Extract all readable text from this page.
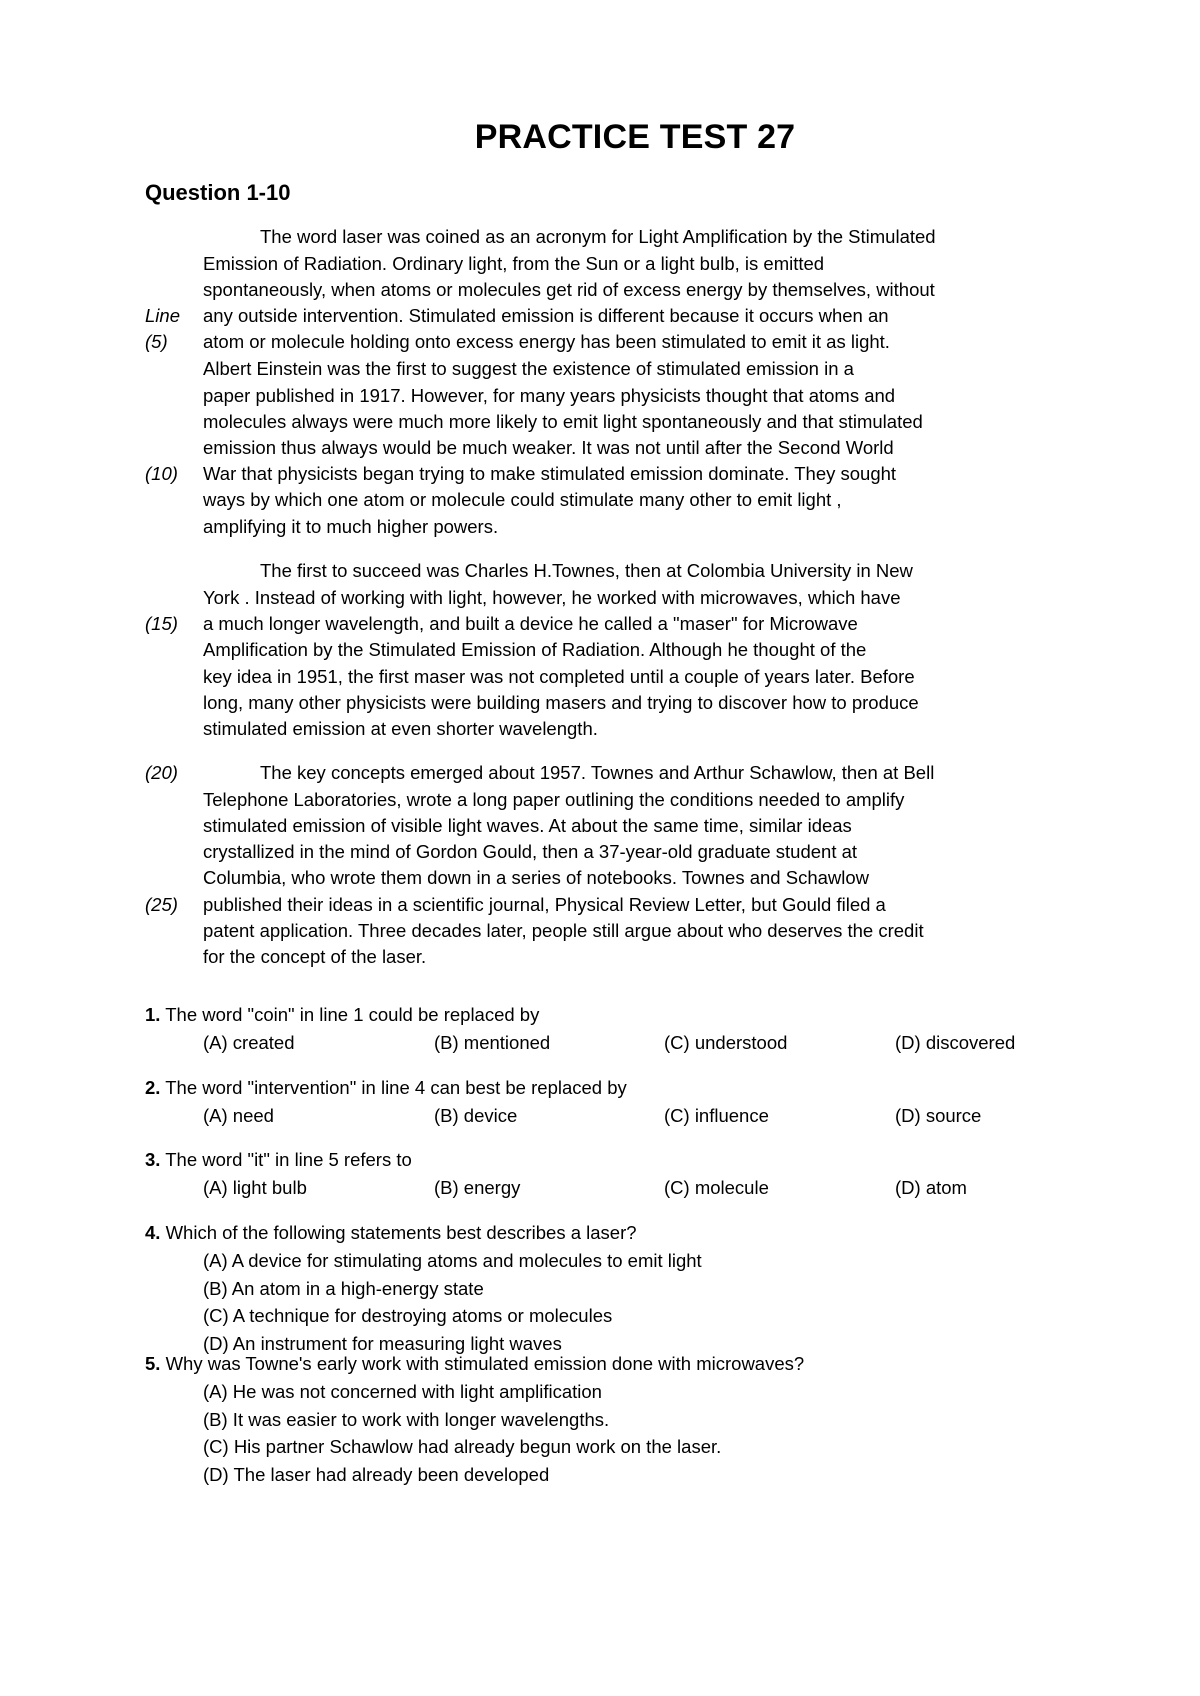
PRACTICE TEST 27
Question 1-10
The word laser was coined as an acronym for Light Amplification by the Stimulated
Emission of Radiation. Ordinary light, from the Sun or a light bulb, is emitted
spontaneously, when atoms or molecules get rid of excess energy by themselves, without
Line any outside intervention. Stimulated emission is different because it occurs when an
(5) atom or molecule holding onto excess energy has been stimulated to emit it as light.
Albert Einstein was the first to suggest the existence of stimulated emission in a
paper published in 1917. However, for many years physicists thought that atoms and
molecules always were much more likely to emit light spontaneously and that stimulated
emission thus always would be much weaker. It was not until after the Second World
(10) War that physicists began trying to make stimulated emission dominate. They sought
ways by which one atom or molecule could stimulate many other to emit light ,
amplifying it to much higher powers.
The first to succeed was Charles H.Townes, then at Colombia University in New
York . Instead of working with light, however, he worked with microwaves, which have
(15) a much longer wavelength, and built a device he called a "maser" for Microwave
Amplification by the Stimulated Emission of Radiation. Although he thought of the
key idea in 1951, the first maser was not completed until a couple of years later. Before
long, many other physicists were building masers and trying to discover how to produce
stimulated emission at even shorter wavelength.
(20)	The key concepts emerged about 1957. Townes and Arthur Schawlow, then at Bell
Telephone Laboratories, wrote a long paper outlining the conditions needed to amplify
stimulated emission of visible light waves. At about the same time, similar ideas
crystallized in the mind of Gordon Gould, then a 37-year-old graduate student at
Columbia, who wrote them down in a series of notebooks. Townes and Schawlow
(25) published their ideas in a scientific journal, Physical Review Letter, but Gould filed a
patent application. Three decades later, people still argue about who deserves the credit
for the concept of the laser.
1. The word "coin" in line 1 could be replaced by
(A) created	(B) mentioned	(C) understood	(D) discovered
2. The word "intervention" in line 4 can best be replaced by
(A) need	(B) device	(C) influence	(D) source
3. The word "it" in line 5 refers to
(A) light bulb	(B) energy	(C) molecule	(D) atom
4. Which of the following statements best describes a laser?
(A) A device for stimulating atoms and molecules to emit light
(B) An atom in a high-energy state
(C) A technique for destroying atoms or molecules
(D) An instrument for measuring light waves
5. Why was Towne's early work with stimulated emission done with microwaves?
(A) He was not concerned with light amplification
(B) It was easier to work with longer wavelengths.
(C) His partner Schawlow had already begun work on the laser.
(D) The laser had already been developed
